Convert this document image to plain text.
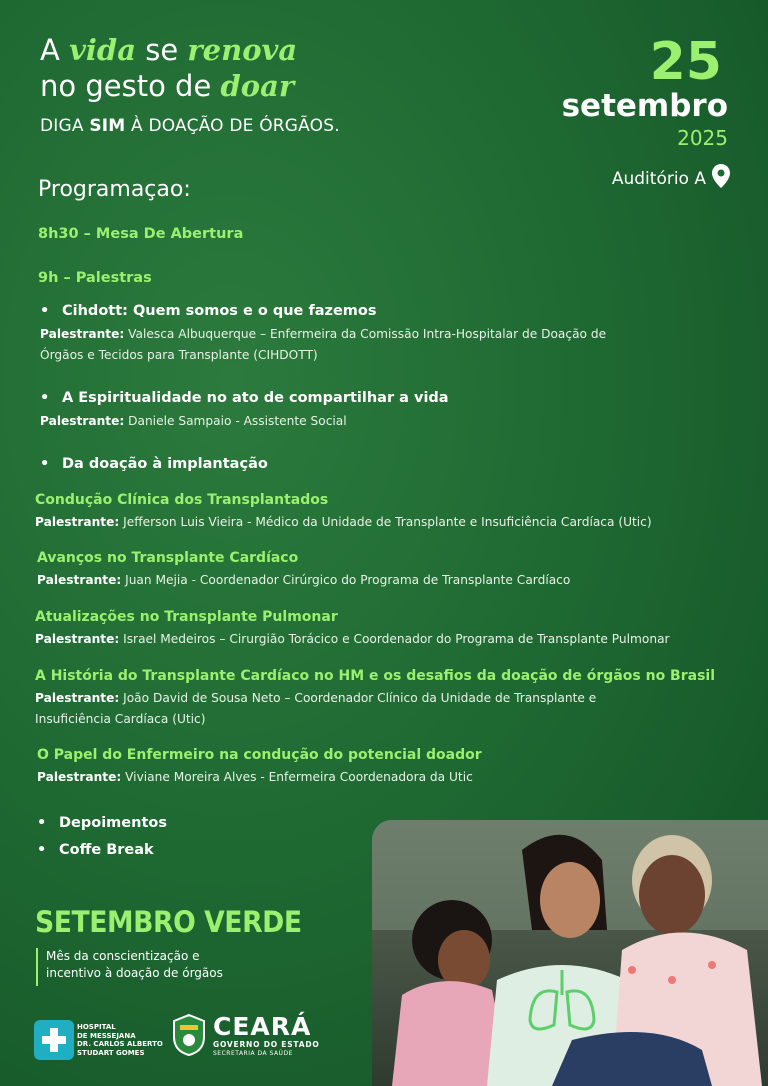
A vida se renova
no gesto de doar
DIGA SIM À DOAÇÃO DE ÓRGÃOS.
25
setembro
2025
Auditório A
Programaçao:
8h30 – Mesa De Abertura
9h – Palestras
• Cihdott: Quem somos e o que fazemos
Palestrante: Valesca Albuquerque – Enfermeira da Comissão Intra-Hospitalar de Doação de
Órgãos e Tecidos para Transplante (CIHDOTT)
• A Espiritualidade no ato de compartilhar a vida
Palestrante: Daniele Sampaio - Assistente Social
• Da doação à implantação
Condução Clínica dos Transplantados
Palestrante: Jefferson Luis Vieira - Médico da Unidade de Transplante e Insuficiência Cardíaca (Utic)
Avanços no Transplante Cardíaco
Palestrante: Juan Mejia - Coordenador Cirúrgico do Programa de Transplante Cardíaco
Atualizações no Transplante Pulmonar
Palestrante: Israel Medeiros – Cirurgião Torácico e Coordenador do Programa de Transplante Pulmonar
A História do Transplante Cardíaco no HM e os desafios da doação de órgãos no Brasil
Palestrante: João David de Sousa Neto – Coordenador Clínico da Unidade de Transplante e
Insuficiência Cardíaca (Utic)
O Papel do Enfermeiro na condução do potencial doador
Palestrante: Viviane Moreira Alves - Enfermeira Coordenadora da Utic
• Depoimentos
• Coffe Break
SETEMBRO VERDE
Mês da conscientização e
incentivo à doação de órgãos
HOSPITAL
DE MESSEJANA
DR. CARLOS ALBERTO
STUDART GOMES
CEARÁ
GOVERNO DO ESTADO
SECRETARIA DA SAÚDE
